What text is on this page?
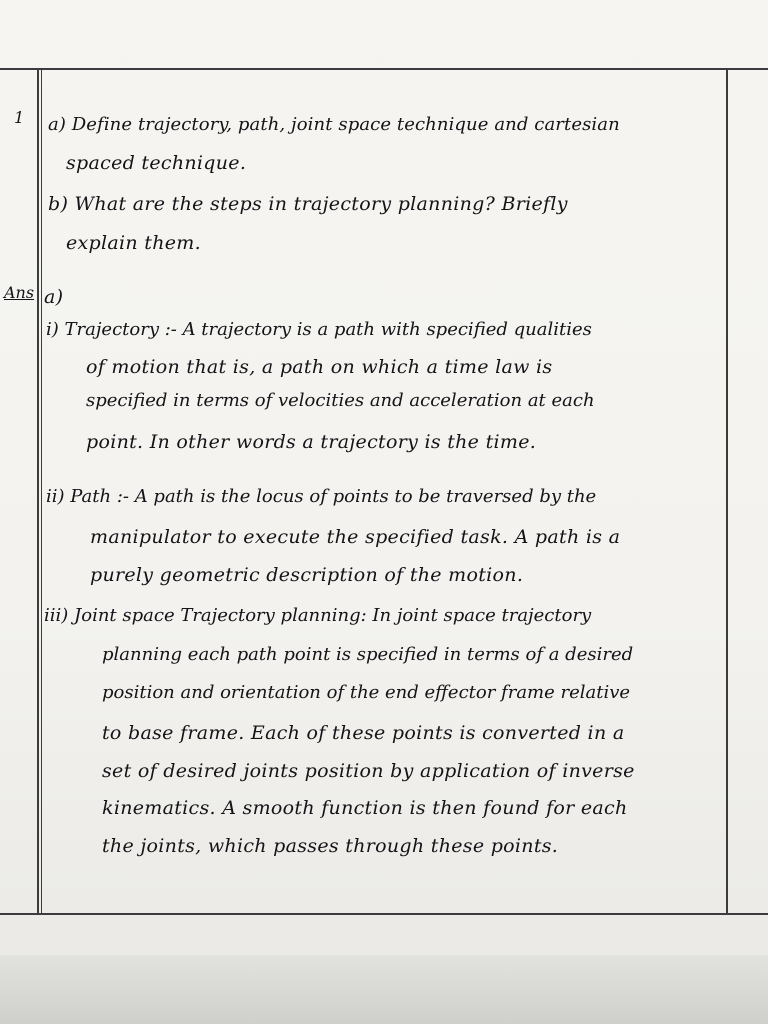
1
Ans
a) Define trajectory, path, joint space technique and cartesian
spaced technique.
b) What are the steps in trajectory planning? Briefly
explain them.
a)
i) Trajectory :- A trajectory is a path with specified qualities
of motion that is, a path on which a time law is
specified in terms of velocities and acceleration at each
point. In other words a trajectory is the time.
ii) Path :- A path is the locus of points to be traversed by the
manipulator to execute the specified task. A path is a
purely geometric description of the motion.
iii) Joint space Trajectory planning: In joint space trajectory
planning each path point is specified in terms of a desired
position and orientation of the end effector frame relative
to base frame. Each of these points is converted in a
set of desired joints position by application of inverse
kinematics. A smooth function is then found for each
the joints, which passes through these points.
